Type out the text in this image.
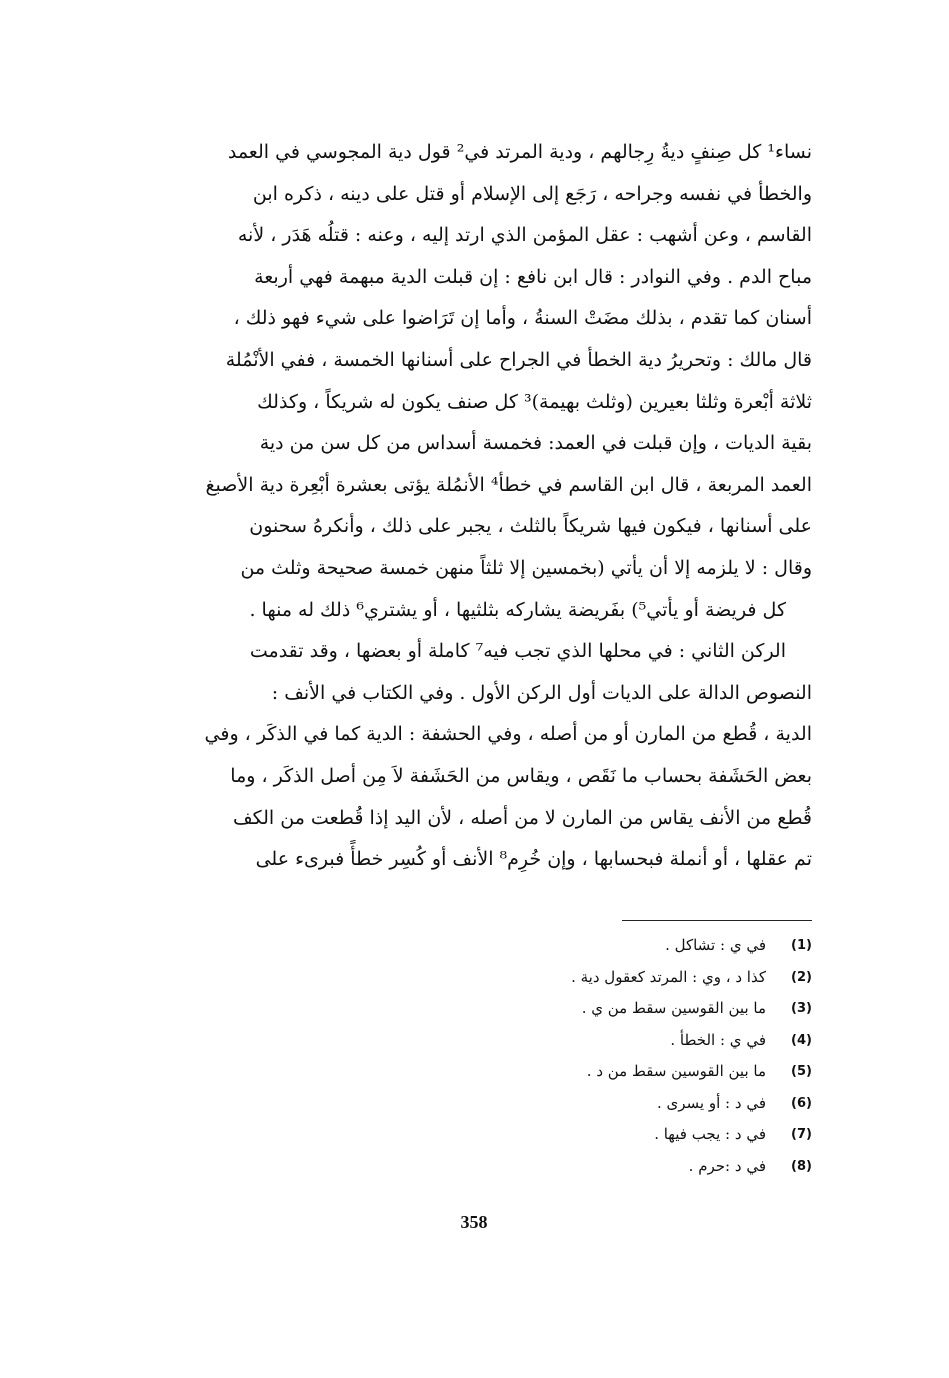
نساء¹ كل صِنفٍ ديةُ رِجالهم ، ودية المرتد في² قول دية المجوسي في العمد
والخطأ في نفسه وجراحه ، رَجَع إلى الإسلام أو قتل على دينه ، ذكره ابن
القاسم ، وعن أشهب : عقل المؤمن الذي ارتد إليه ، وعنه : قتلُه هَدَر ، لأنه
مباح الدم . وفي النوادر : قال ابن نافع : إن قبلت الدية مبهمة فهي أربعة
أسنان كما تقدم ، بذلك مضَتْ السنةُ ، وأما إن تَرَاضوا على شيء فهو ذلك ،
قال مالك : وتحريرُ دية الخطأ في الجراح على أسنانها الخمسة ، ففي الأنْمُلة
ثلاثة أبْعرة وثلثا بعيرين (وثلث بهيمة)³ كل صنف يكون له شريكاً ، وكذلك
بقية الديات ، وإن قبلت في العمد: فخمسة أسداس من كل سن من دية
العمد المربعة ، قال ابن القاسم في خطأ⁴ الأنمُلة يؤتى بعشرة أبْعِرة دية الأصبغ
على أسنانها ، فيكون فيها شريكاً بالثلث ، يجبر على ذلك ، وأنكرهُ سحنون
وقال : لا يلزمه إلا أن يأتي (بخمسين إلا ثلثاً منهن خمسة صحيحة وثلث من
كل فريضة أو يأتي⁵) بفَريضة يشاركه بثلثيها ، أو يشتري⁶ ذلك له منها .
الركن الثاني : في محلها الذي تجب فيه⁷ كاملة أو بعضها ، وقد تقدمت
النصوص الدالة على الديات أول الركن الأول . وفي الكتاب في الأنف :
الدية ، قُطع من المارن أو من أصله ، وفي الحشفة : الدية كما في الذكَر ، وفي
بعض الحَشَفة بحساب ما نَقَص ، ويقاس من الحَشَفة لاَ مِن أصل الذكَر ، وما
قُطع من الأنف يقاس من المارن لا من أصله ، لأن اليد إذا قُطعت من الكف
تم عقلها ، أو أنملة فبحسابها ، وإن خُرِم⁸ الأنف أو كُسِر خطأً فبرىء على
(1)
في ي : تشاكل .
(2)
كذا د ، وي : المرتد كعقول دية .
(3)
ما بين القوسين سقط من ي .
(4)
في ي : الخطأ .
(5)
ما بين القوسين سقط من د .
(6)
في د : أو يسرى .
(7)
في د : يجب فيها .
(8)
في د :حرم .
358
